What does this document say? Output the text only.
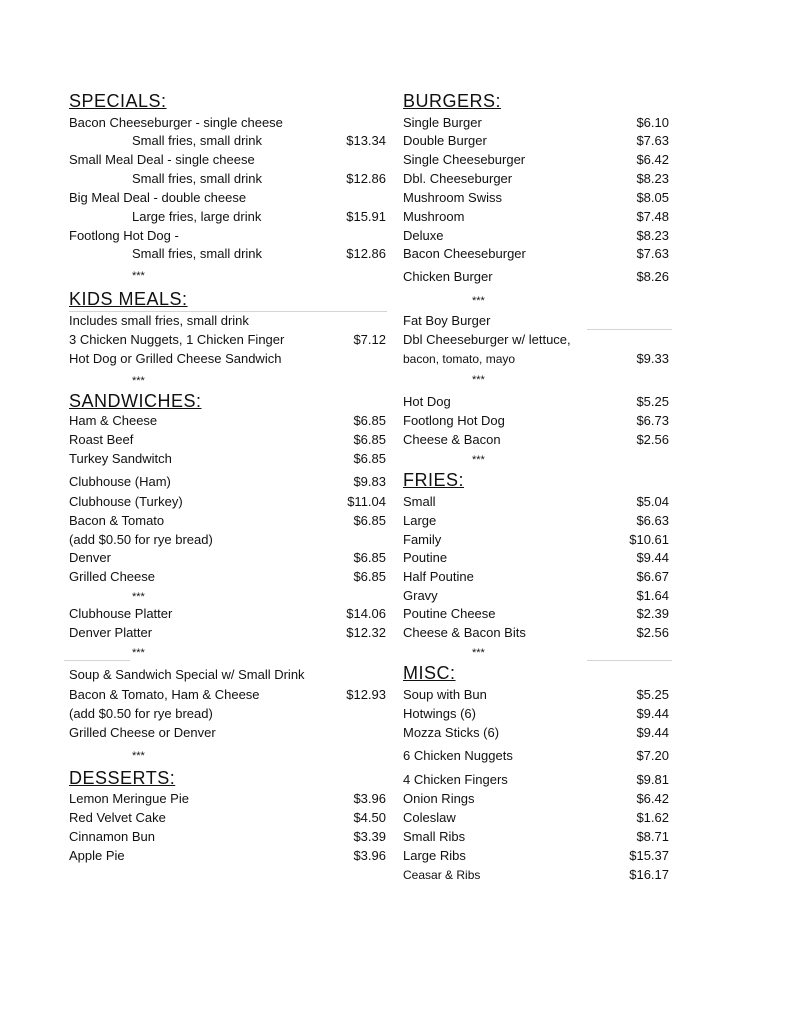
SPECIALS:
Bacon Cheeseburger - single cheese
Small fries, small drink	$13.34
Small Meal Deal - single cheese
Small fries, small drink	$12.86
Big Meal Deal - double cheese
Large fries, large drink	$15.91
Footlong Hot Dog -
Small fries, small drink	$12.86
***
KIDS MEALS:
Includes small fries, small drink
3 Chicken Nuggets, 1 Chicken Finger	$7.12
Hot Dog or Grilled Cheese Sandwich
***
SANDWICHES:
Ham & Cheese	$6.85
Roast Beef	$6.85
Turkey Sandwitch	$6.85
Clubhouse (Ham)	$9.83
Clubhouse (Turkey)	$11.04
Bacon & Tomato	$6.85
(add $0.50 for rye bread)
Denver	$6.85
Grilled Cheese	$6.85
***
Clubhouse Platter	$14.06
Denver Platter	$12.32
***
Soup & Sandwich Special w/ Small Drink
Bacon & Tomato, Ham & Cheese	$12.93
(add $0.50 for rye bread)
Grilled Cheese or Denver
***
DESSERTS:
Lemon Meringue Pie	$3.96
Red Velvet Cake	$4.50
Cinnamon Bun	$3.39
Apple Pie	$3.96
BURGERS:
Single Burger	$6.10
Double Burger	$7.63
Single Cheeseburger	$6.42
Dbl. Cheeseburger	$8.23
Mushroom Swiss	$8.05
Mushroom	$7.48
Deluxe	$8.23
Bacon Cheeseburger	$7.63
Chicken Burger	$8.26
***
Fat Boy Burger
Dbl Cheeseburger w/ lettuce,
bacon, tomato, mayo	$9.33
***
Hot Dog	$5.25
Footlong Hot Dog	$6.73
Cheese & Bacon	$2.56
***
FRIES:
Small	$5.04
Large	$6.63
Family	$10.61
Poutine	$9.44
Half Poutine	$6.67
Gravy	$1.64
Poutine Cheese	$2.39
Cheese & Bacon Bits	$2.56
***
MISC:
Soup with Bun	$5.25
Hotwings (6)	$9.44
Mozza Sticks (6)	$9.44
6 Chicken Nuggets	$7.20
4 Chicken Fingers	$9.81
Onion Rings	$6.42
Coleslaw	$1.62
Small Ribs	$8.71
Large Ribs	$15.37
Ceasar & Ribs	$16.17
